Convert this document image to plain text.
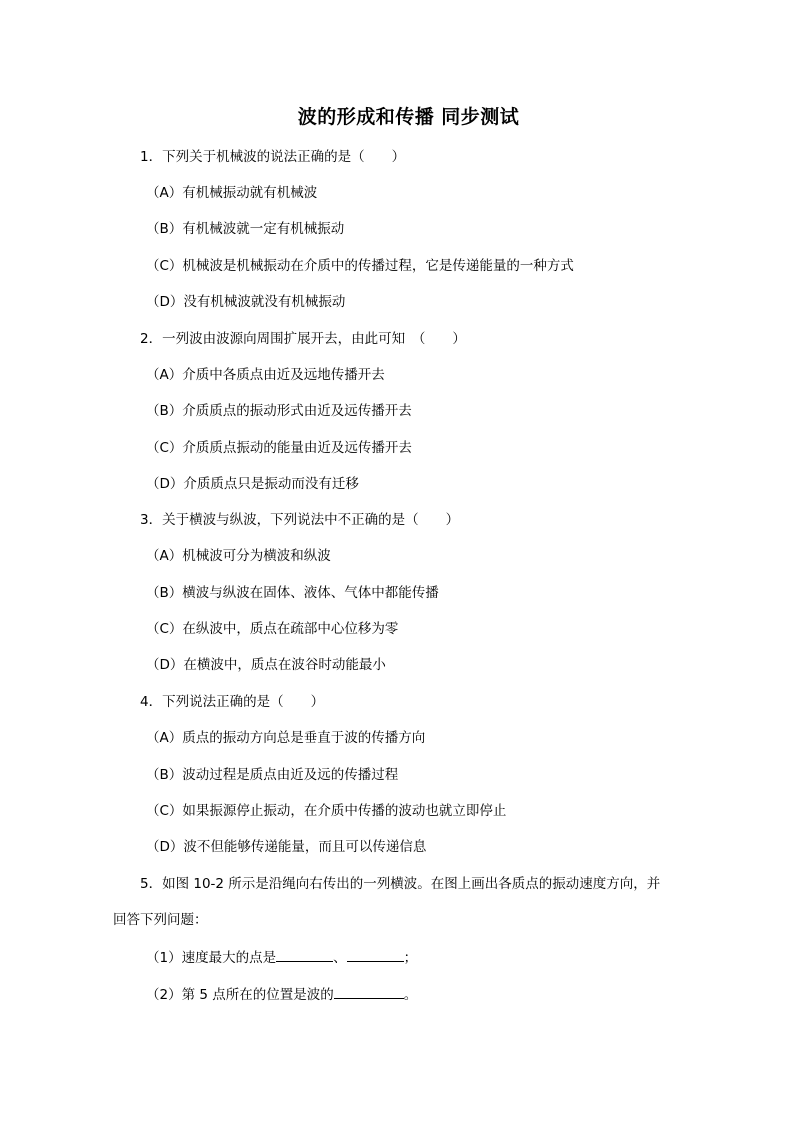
波的形成和传播 同步测试

1．下列关于机械波的说法正确的是（　　）

（A）有机械振动就有机械波

（B）有机械波就一定有机械振动

（C）机械波是机械振动在介质中的传播过程，它是传递能量的一种方式

（D）没有机械波就没有机械振动

2．一列波由波源向周围扩展开去，由此可知　（　　）

（A）介质中各质点由近及远地传播开去

（B）介质质点的振动形式由近及远传播开去

（C）介质质点振动的能量由近及远传播开去

（D）介质质点只是振动而没有迁移

3．关于横波与纵波，下列说法中不正确的是（　　）

（A）机械波可分为横波和纵波

（B）横波与纵波在固体、液体、气体中都能传播

（C）在纵波中，质点在疏部中心位移为零

（D）在横波中，质点在波谷时动能最小

4．下列说法正确的是（　　）

（A）质点的振动方向总是垂直于波的传播方向

（B）波动过程是质点由近及远的传播过程

（C）如果振源停止振动，在介质中传播的波动也就立即停止

（D）波不但能够传递能量，而且可以传递信息

5．如图 10-2 所示是沿绳向右传出的一列横波。在图上画出各质点的振动速度方向，并

回答下列问题：

（1）速度最大的点是	、	；

（2）第 5 点所在的位置是波的	。
